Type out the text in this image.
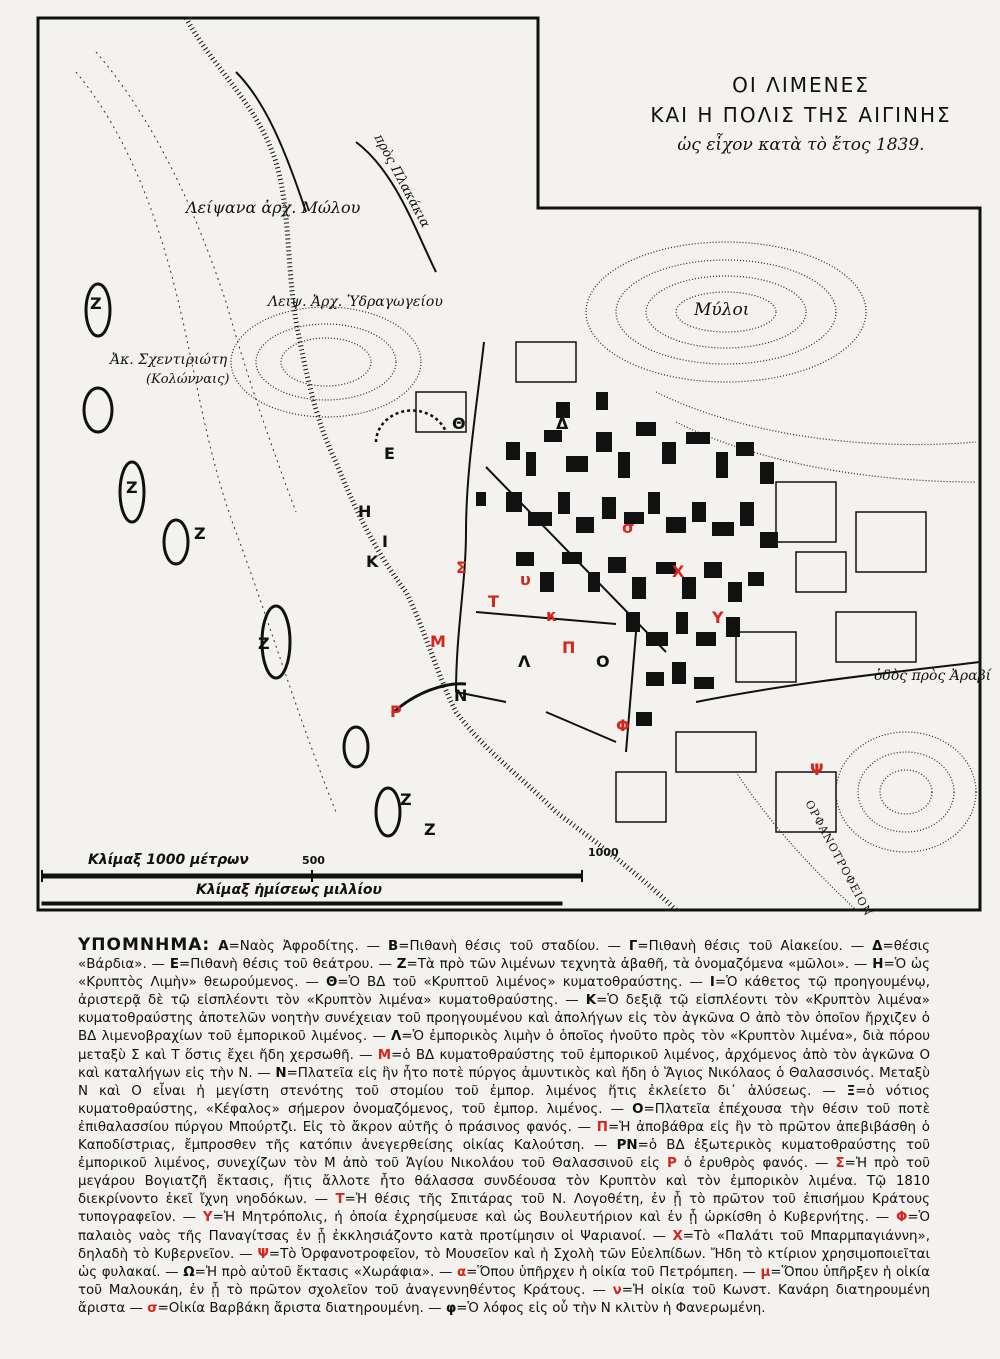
ΟΙ ΛΙΜΕΝΕΣ
ΚΑΙ Η ΠΟΛΙΣ ΤΗΣ ΑΙΓΙΝΗΣ
ὡς εἶχον κατὰ τὸ ἔτος 1839.
πρὸς Πλακάκια
Λείψανα ἀρχ. Μώλου
Λειψ. Ἀρχ. Ὑδραγωγείου
Ἀκ. Σχεντιριώτη
(Κολώνναις)
Μύλοι
ὁδὸς πρὸς Ἀραβί
ΟΡΦΑΝΟΤΡΟΦΕΙΟΝ
Ζ
Ζ
Ζ
Ζ
Ζ
Ζ
Θ
Ε
Δ
Η
Ι
Κ
Λ
Ν
Ο
Σ
υ
Τ
Μ
κ
Π
Ρ
Φ
σ
Χ
Υ
Ψ
Κλίμαξ 1000 μέτρων	500
1000
Κλίμαξ ἡμίσεως μιλλίου
ΥΠΟΜΝΗΜΑ: Α=Ναὸς Ἀφροδίτης. — Β=Πιθανὴ θέσις τοῦ σταδίου. — Γ=Πιθανὴ θέσις τοῦ Αἰακείου. — Δ=θέσις «Βάρδια». — Ε=Πιθανὴ θέσις τοῦ θεάτρου. — Ζ=Τὰ πρὸ τῶν λιμένων τεχνητὰ ἀβαθῆ, τὰ ὀνομαζόμενα «μῶλοι». — Η=Ὁ ὡς «Κρυπτὸς Λιμὴν» θεωρούμενος. — Θ=Ὁ ΒΔ τοῦ «Κρυπτοῦ λιμένος» κυματοθραύστης. — Ι=Ὁ κάθετος τῷ προηγουμένῳ, ἀριστερᾷ δὲ τῷ εἰσπλέοντι τὸν «Κρυπτὸν λιμένα» κυματοθραύστης. — Κ=Ὁ δεξιᾷ τῷ εἰσπλέοντι τὸν «Κρυπτὸν λιμένα» κυματοθραύστης ἀποτελῶν νοητὴν συνέχειαν τοῦ προηγουμένου καὶ ἀπολήγων εἰς τὸν ἀγκῶνα Ο ἀπὸ τὸν ὁποῖον ἤρχιζεν ὁ ΒΔ λιμενοβραχίων τοῦ ἐμπορικοῦ λιμένος. — Λ=Ὁ ἐμπορικὸς λιμὴν ὁ ὁποῖος ἡνοῦτο πρὸς τὸν «Κρυπτὸν λιμένα», διὰ πόρου μεταξὺ Σ καὶ Τ ὅστις ἔχει ἤδη χερσωθῆ. — Μ=ὁ ΒΔ κυματοθραύστης τοῦ ἐμπορικοῦ λιμένος, ἀρχόμενος ἀπὸ τὸν ἀγκῶνα Ο καὶ καταλήγων εἰς τὴν Ν. — Ν=Πλατεῖα εἰς ἣν ἦτο ποτὲ πύργος ἀμυντικὸς καὶ ἤδη ὁ Ἅγιος Νικόλαος ὁ Θαλασσινός. Μεταξὺ Ν καὶ Ο εἶναι ἡ μεγίστη στενότης τοῦ στομίου τοῦ ἐμπορ. λιμένος ἥτις ἐκλείετο δι᾿ ἁλύσεως. — Ξ=ὁ νότιος κυματοθραύστης, «Κέφαλος» σήμερον ὀνομαζόμενος, τοῦ ἐμπορ. λιμένος. — Ο=Πλατεῖα ἐπέχουσα τὴν θέσιν τοῦ ποτὲ ἐπιθαλασσίου πύργου Μπούρτζι. Εἰς τὸ ἄκρον αὐτῆς ὁ πράσινος φανός. — Π=Ἡ ἀποβάθρα εἰς ἣν τὸ πρῶτον ἀπεβιβάσθη ὁ Καποδίστριας, ἔμπροσθεν τῆς κατόπιν ἀνεγερθείσης οἰκίας Καλούτση. — ΡΝ=ὁ ΒΔ ἐξωτερικὸς κυματοθραύστης τοῦ ἐμπορικοῦ λιμένος, συνεχίζων τὸν Μ ἀπὸ τοῦ Ἁγίου Νικολάου τοῦ Θαλασσινοῦ εἰς Ρ ὁ ἐρυθρὸς φανός. — Σ=Ἡ πρὸ τοῦ μεγάρου Βογιατζῆ ἔκτασις, ἥτις ἄλλοτε ἦτο θάλασσα συνδέουσα τὸν Κρυπτὸν καὶ τὸν ἐμπορικὸν λιμένα. Τῷ 1810 διεκρίνοντο ἐκεῖ ἴχνη νηοδόκων. — Τ=Ἡ θέσις τῆς Σπιτάρας τοῦ Ν. Λογοθέτη, ἐν ᾗ τὸ πρῶτον τοῦ ἐπισήμου Κράτους τυπογραφεῖον. — Υ=Ἡ Μητρόπολις, ἡ ὁποία ἐχρησίμευσε καὶ ὡς Βουλευτήριον καὶ ἐν ᾗ ὡρκίσθη ὁ Κυβερνήτης. — Φ=Ὁ παλαιὸς ναὸς τῆς Παναγίτσας ἐν ᾗ ἐκκλησιάζοντο κατὰ προτίμησιν οἱ Ψαριανοί. — Χ=Τὸ «Παλάτι τοῦ Μπαρμπαγιάννη», δηλαδὴ τὸ Κυβερνεῖον. — Ψ=Τὸ Ὀρφανοτροφεῖον, τὸ Μουσεῖον καὶ ἡ Σχολὴ τῶν Εὐελπίδων. Ἤδη τὸ κτίριον χρησιμοποιεῖται ὡς φυλακαί. — Ω=Ἡ πρὸ αὐτοῦ ἔκτασις «Χωράφια». — α=Ὅπου ὑπῆρχεν ἡ οἰκία τοῦ Πετρόμπεη. — μ=Ὅπου ὑπῆρξεν ἡ οἰκία τοῦ Μαλουκάη, ἐν ᾗ τὸ πρῶτον σχολεῖον τοῦ ἀναγεννηθέντος Κράτους. — ν=Ἡ οἰκία τοῦ Κωνστ. Κανάρη διατηρουμένη ἄριστα — σ=Οἰκία Βαρβάκη ἄριστα διατηρουμένη. — φ=Ὁ λόφος εἰς οὗ τὴν Ν κλιτὺν ἡ Φανερωμένη.
